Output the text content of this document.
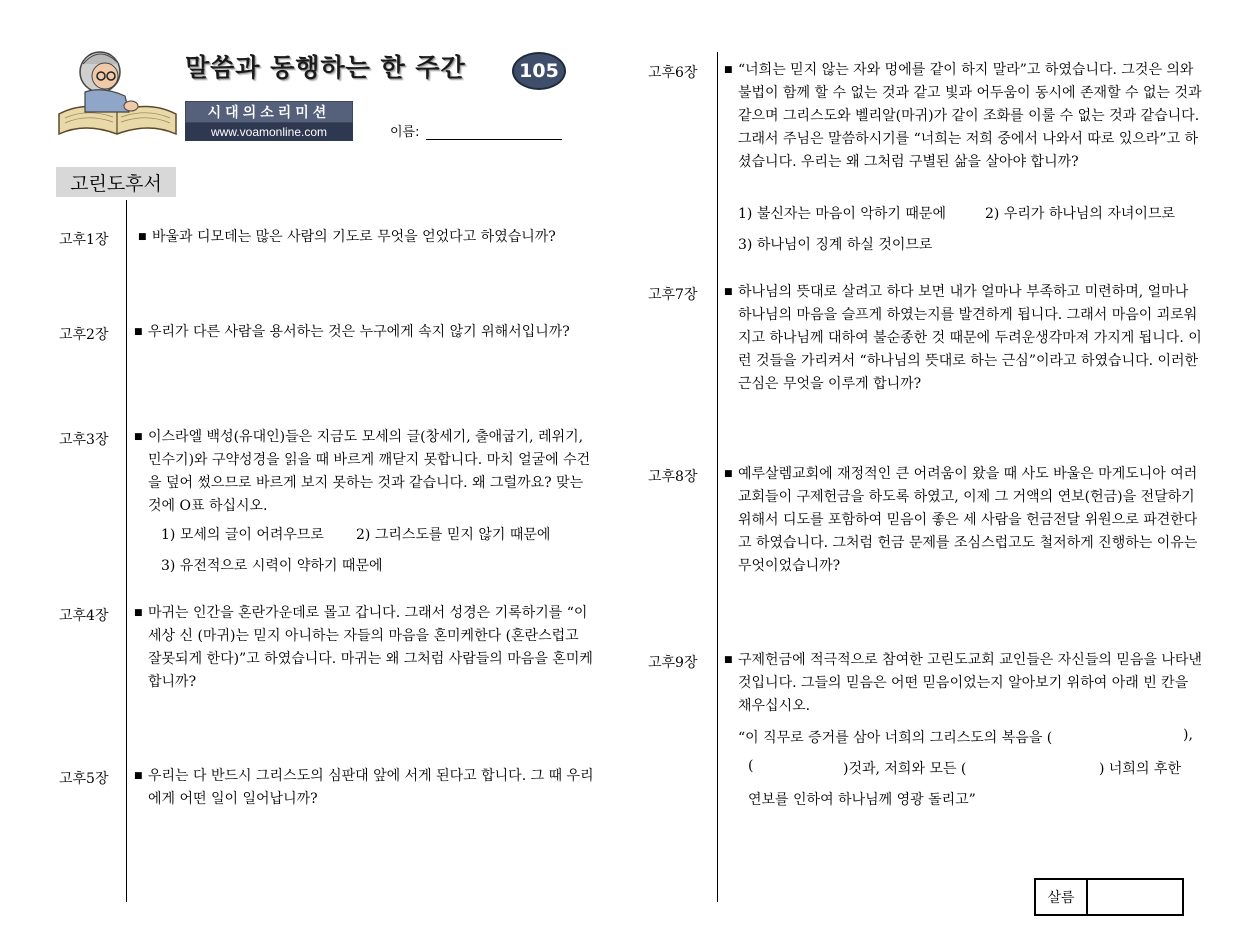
말씀과 동행하는 한 주간	105
시대의소리미션
www.voamonline.com	이름:
고린도후서
고후1장	■ 바울과 디모데는 많은 사람의 기도로 무엇을 얻었다고 하였습니까?
고후2장	■ 우리가 다른 사람을 용서하는 것은 누구에게 속지 않기 위해서입니까?
고후3장	■ 이스라엘 백성(유대인)들은 지금도 모세의 글(창세기, 출애굽기, 레위기, 민수기)와 구약성경을 읽을 때 바르게 깨닫지 못합니다. 마치 얼굴에 수건을 덮어 썼으므로 바르게 보지 못하는 것과 같습니다. 왜 그럴까요? 맞는 것에 O표 하십시오.
1) 모세의 글이 어려우므로 2) 그리스도를 믿지 않기 때문에
3) 유전적으로 시력이 약하기 때문에
고후4장	■ 마귀는 인간을 혼란가운데로 몰고 갑니다. 그래서 성경은 기록하기를 “이 세상 신 (마귀)는 믿지 아니하는 자들의 마음을 혼미케한다 (혼란스럽고 잘못되게 한다)”고 하였습니다. 마귀는 왜 그처럼 사람들의 마음을 혼미케 합니까?
고후5장	■ 우리는 다 반드시 그리스도의 심판대 앞에 서게 된다고 합니다. 그 때 우리에게 어떤 일이 일어납니까?
고후6장	■ “너희는 믿지 않는 자와 멍에를 같이 하지 말라”고 하였습니다. 그것은 의와 불법이 함께 할 수 없는 것과 같고 빛과 어두움이 동시에 존재할 수 없는 것과 같으며 그리스도와 벨리알(마귀)가 같이 조화를 이룰 수 없는 것과 같습니다. 그래서 주님은 말씀하시기를 “너희는 저희 중에서 나와서 따로 있으라”고 하셨습니다. 우리는 왜 그처럼 구별된 삶을 살아야 합니까?
1) 불신자는 마음이 악하기 때문에	2) 우리가 하나님의 자녀이므로
3) 하나님이 징계 하실 것이므로
고후7장	■ 하나님의 뜻대로 살려고 하다 보면 내가 얼마나 부족하고 미련하며, 얼마나 하나님의 마음을 슬프게 하였는지를 발견하게 됩니다. 그래서 마음이 괴로워지고 하나님께 대하여 불순종한 것 때문에 두려운생각마져 가지게 됩니다. 이런 것들을 가리켜서 “하나님의 뜻대로 하는 근심”이라고 하였습니다. 이러한 근심은 무엇을 이루게 합니까?
고후8장	■ 예루살렘교회에 재정적인 큰 어려움이 왔을 때 사도 바울은 마게도니아 여러 교회들이 구제헌금을 하도록 하였고, 이제 그 거액의 연보(헌금)을 전달하기 위해서 디도를 포함하여 믿음이 좋은 세 사람을 헌금전달 위원으로 파견한다고 하였습니다. 그처럼 헌금 문제를 조심스럽고도 철저하게 진행하는 이유는 무엇이었습니까?
고후9장	■ 구제헌금에 적극적으로 참여한 고린도교회 교인들은 자신들의 믿음을 나타낸 것입니다. 그들의 믿음은 어떤 믿음이었는지 알아보기 위하여 아래 빈 칸을 채우십시오.
“이 직무로 증거를 삼아 너희의 그리스도의 복음을 (	),
(	)것과, 저희와 모든 (	) 너희의 후한
연보를 인하여 하나님께 영광 돌리고”
살름
